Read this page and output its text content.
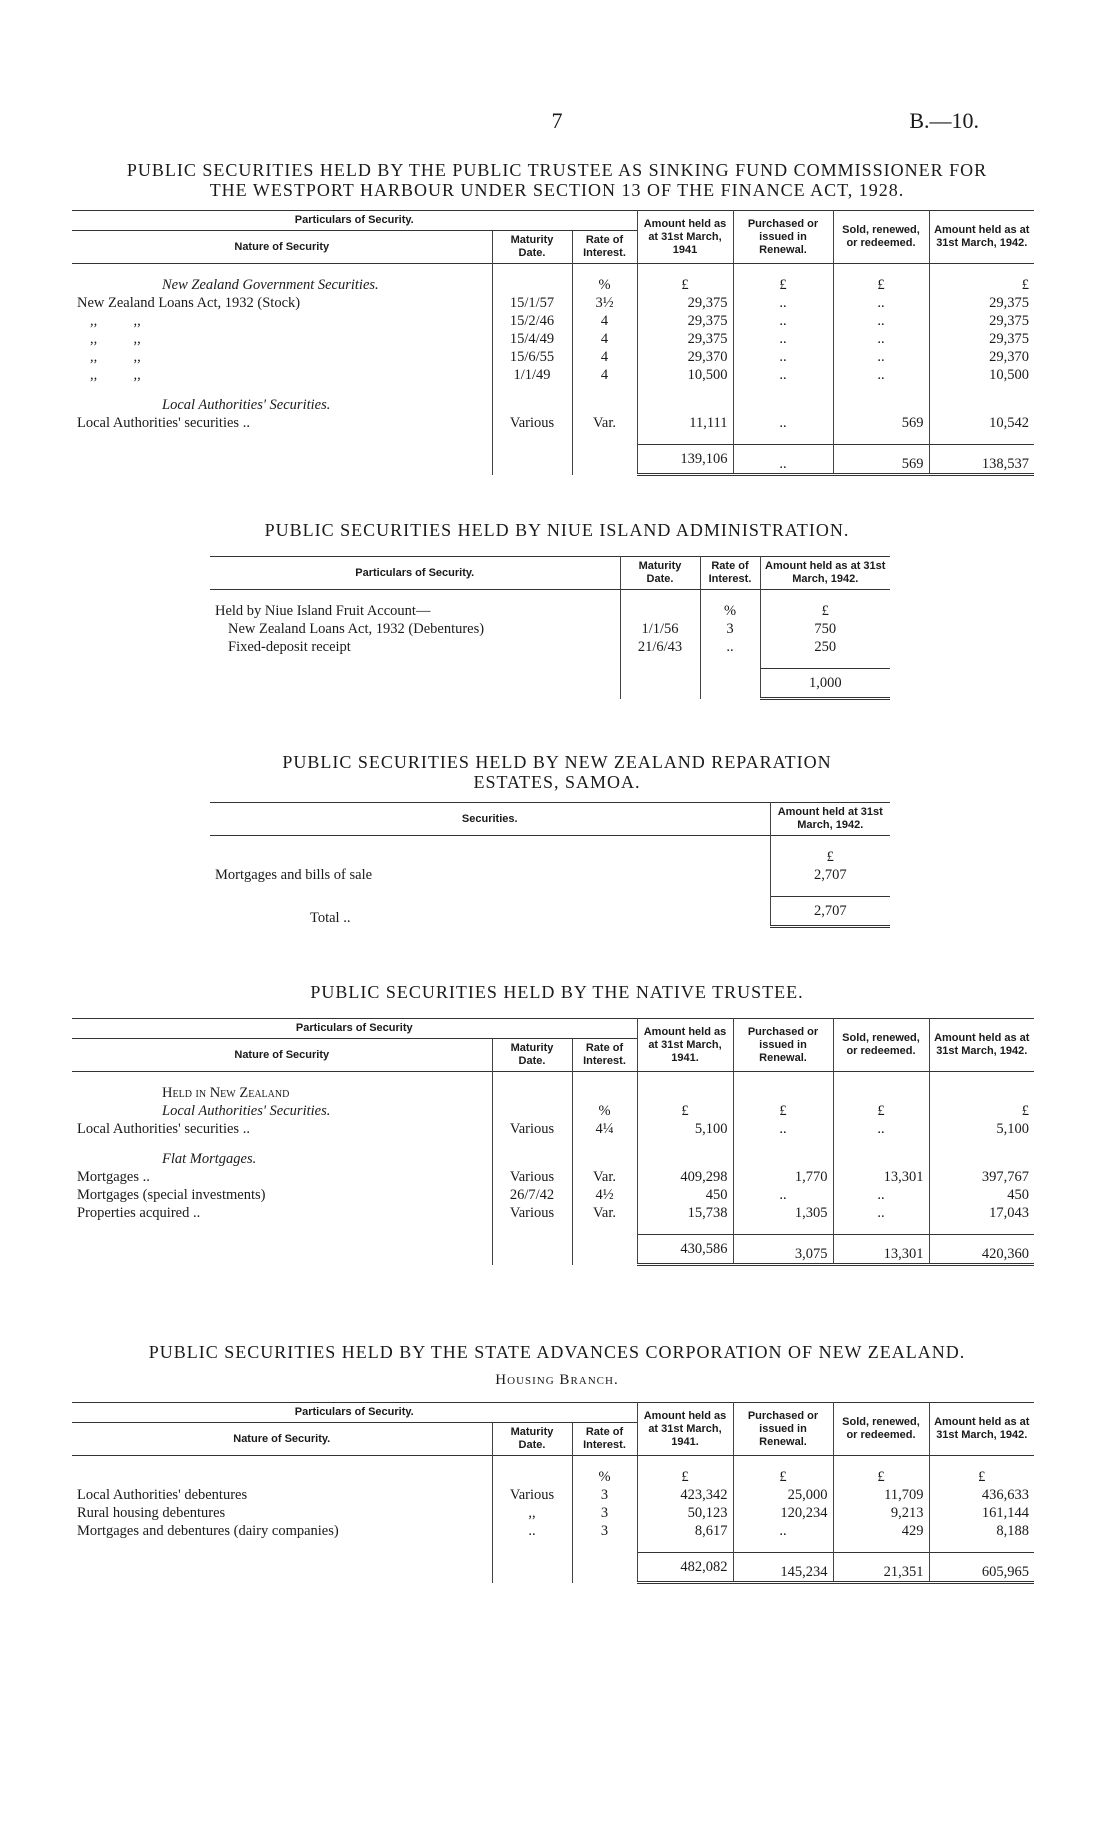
7	B.—10.
PUBLIC SECURITIES HELD BY THE PUBLIC TRUSTEE AS SINKING FUND COMMISSIONER FOR
THE WESTPORT HARBOUR UNDER SECTION 13 OF THE FINANCE ACT, 1928.
Particulars of Security.			Amount held as at 31st March, 1941	Purchased or issued in Renewal.	Sold, renewed, or redeemed.	Amount held as at 31st March, 1942.
Nature of Security	Maturity Date.	Rate of Interest.				

New Zealand Government Securities.		%	£	£	£	£
New Zealand Loans Act, 1932 (Stock)	15/1/57	3½	29,375	..	..	29,375
,,          ,,	15/2/46	4	29,375	..	..	29,375
,,          ,,	15/4/49	4	29,375	..	..	29,375
,,          ,,	15/6/55	4	29,370	..	..	29,370
,,          ,,	1/1/49	4	10,500	..	..	10,500

Local Authorities' Securities.						
Local Authorities' securities ..	Various	Var.	11,111	..	569	10,542

			139,106	..	569	138,537
PUBLIC SECURITIES HELD BY NIUE ISLAND ADMINISTRATION.
Particulars of Security.	Maturity Date.	Rate of Interest.	Amount held as at 31st March, 1942.

Held by Niue Island Fruit Account—		%	£
New Zealand Loans Act, 1932 (Debentures)	1/1/56	3	750
Fixed-deposit receipt	21/6/43	..	250

			1,000
PUBLIC SECURITIES HELD BY NEW ZEALAND REPARATION
ESTATES, SAMOA.
Securities.	Amount held at 31st March, 1942.

	£
Mortgages and bills of sale	2,707

Total ..	2,707
PUBLIC SECURITIES HELD BY THE NATIVE TRUSTEE.
Particulars of Security			Amount held as at 31st March, 1941.	Purchased or issued in Renewal.	Sold, renewed, or redeemed.	Amount held as at 31st March, 1942.
Nature of Security	Maturity Date.	Rate of Interest.				

Held in New Zealand						
Local Authorities' Securities.		%	£	£	£	£
Local Authorities' securities ..	Various	4¼	5,100	..	..	5,100

Flat Mortgages.						
Mortgages ..	Various	Var.	409,298	1,770	13,301	397,767
Mortgages (special investments)	26/7/42	4½	450	..	..	450
Properties acquired ..	Various	Var.	15,738	1,305	..	17,043

			430,586	3,075	13,301	420,360
PUBLIC SECURITIES HELD BY THE STATE ADVANCES CORPORATION OF NEW ZEALAND.
Housing Branch.
Particulars of Security.			Amount held as at 31st March, 1941.	Purchased or issued in Renewal.	Sold, renewed, or redeemed.	Amount held as at 31st March, 1942.
Nature of Security.	Maturity Date.	Rate of Interest.				

		%	£	£	£	£
Local Authorities' debentures	Various	3	423,342	25,000	11,709	436,633
Rural housing debentures	,,	3	50,123	120,234	9,213	161,144
Mortgages and debentures (dairy companies)	..	3	8,617	..	429	8,188

			482,082	145,234	21,351	605,965
